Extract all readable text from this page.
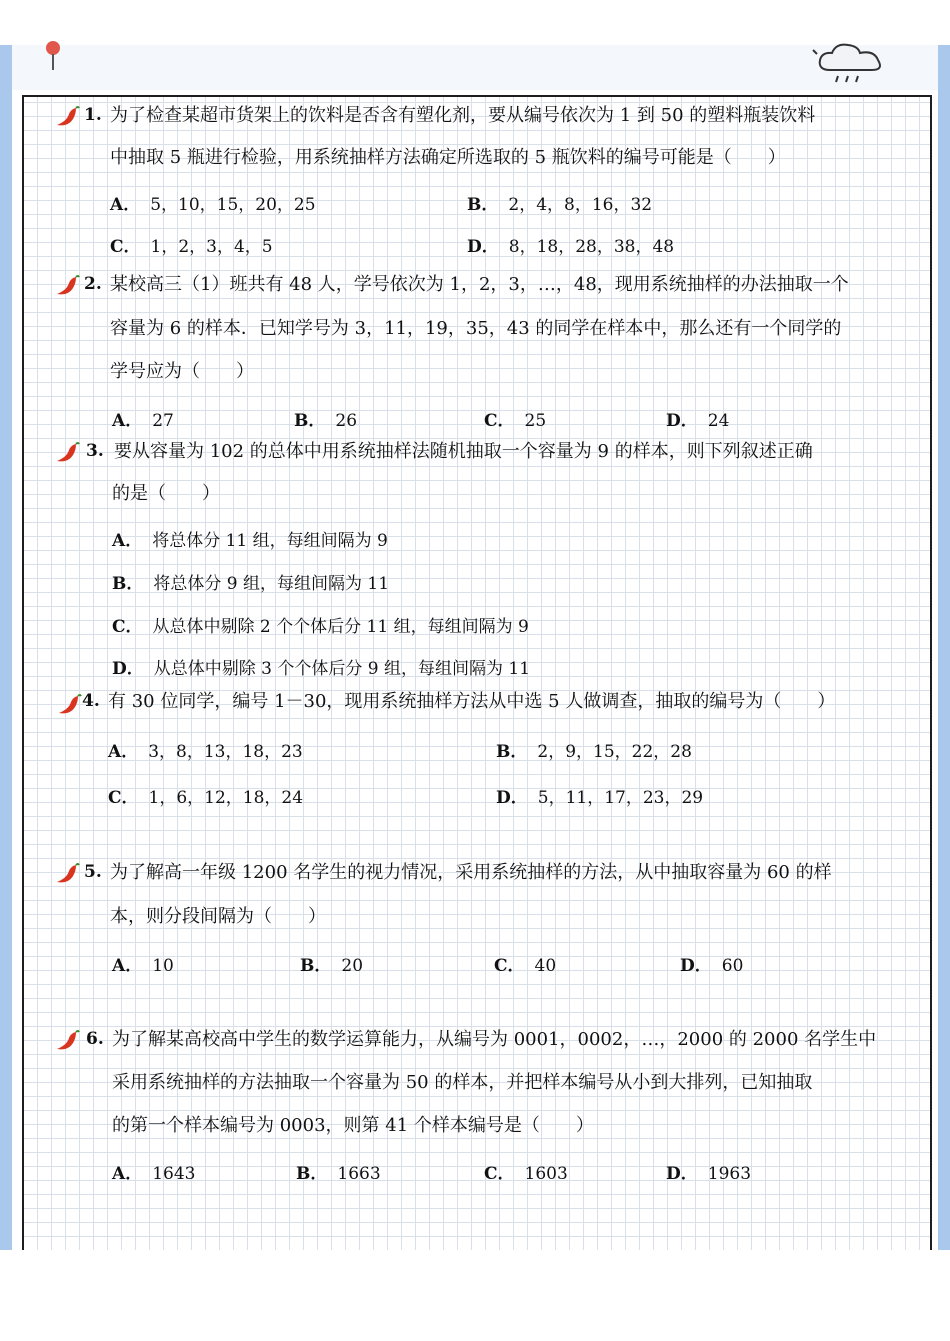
1. 为了检查某超市货架上的饮料是否含有塑化剂，要从编号依次为 1 到 50 的塑料瓶装饮料
中抽取 5 瓶进行检验，用系统抽样方法确定所选取的 5 瓶饮料的编号可能是（　　）
A． 5，10，15，20，25	B． 2，4，8，16，32
C． 1，2，3，4，5	D． 8，18，28，38，48
2. 某校高三（1）班共有 48 人，学号依次为 1，2，3，…，48，现用系统抽样的办法抽取一个
容量为 6 的样本．已知学号为 3，11，19，35，43 的同学在样本中，那么还有一个同学的
学号应为（　　）
A． 27	B． 26	C． 25	D． 24
3. 要从容量为 102 的总体中用系统抽样法随机抽取一个容量为 9 的样本，则下列叙述正确
的是（　　）
A． 将总体分 11 组，每组间隔为 9
B． 将总体分 9 组，每组间隔为 11
C． 从总体中剔除 2 个个体后分 11 组，每组间隔为 9
D． 从总体中剔除 3 个个体后分 9 组，每组间隔为 11
4. 有 30 位同学，编号 1－30，现用系统抽样方法从中选 5 人做调查，抽取的编号为（　　）
A． 3，8，13，18，23	B． 2，9，15，22，28
C． 1，6，12，18，24	D． 5，11，17，23，29
5. 为了解高一年级 1200 名学生的视力情况，采用系统抽样的方法，从中抽取容量为 60 的样
本，则分段间隔为（　　）
A． 10	B． 20	C． 40	D． 60
6. 为了解某高校高中学生的数学运算能力，从编号为 0001，0002，…，2000 的 2000 名学生中
采用系统抽样的方法抽取一个容量为 50 的样本，并把样本编号从小到大排列，已知抽取
的第一个样本编号为 0003，则第 41 个样本编号是（　　）
A． 1643	B． 1663	C． 1603	D． 1963
